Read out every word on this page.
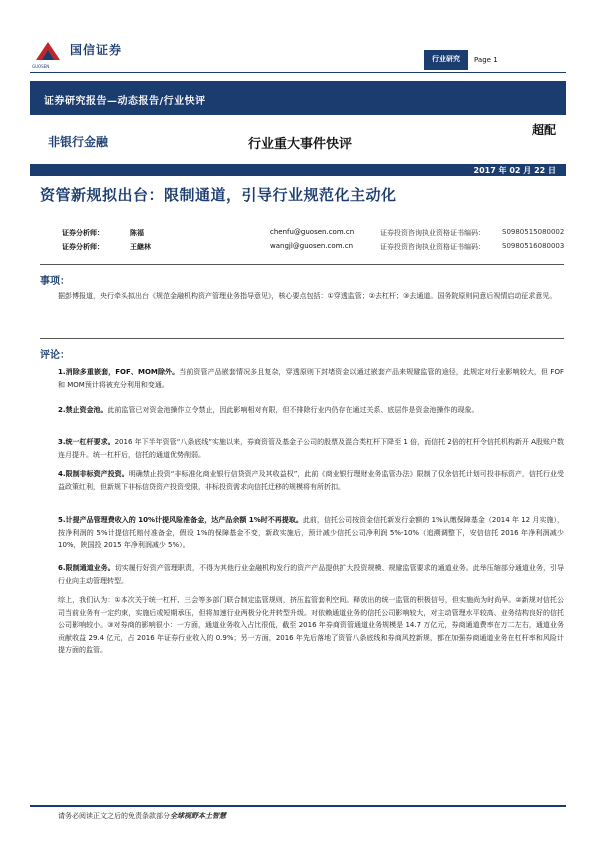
国信证券
GUOSEN
行业研究	Page 1
证券研究报告—动态报告/行业快评
非银行金融	行业重大事件快评
超配
2017 年 02 月 22 日
资管新规拟出台：限制通道，引导行业规范化主动化
证券分析师：	陈福	chenfu@guosen.com.cn	证券投资咨询执业资格证书编码： S0980515080002
证券分析师：	王継林	wangjl@guosen.com.cn	证券投资咨询执业资格证书编码： S0980516080003
事项：
据彭博报道，央行牵头拟出台《规范金融机构资产管理业务指导意见》，核心要点包括：①穿透监管；②去杠杆；③去通道。国务院原则同意后视情启动征求意见。
评论：
1.消除多重嵌套，FOF、MOM除外。当前资管产品嵌套情况多且复杂，穿透原则下封堵资金以通过嵌套产品来规避监管的途径，此规定对行业影响较大，但 FOF和 MOM预计将被充分利用和变通。
2.禁止资金池。此前监管已对资金池操作立令禁止，因此影响相对有限，但不排除行业内仍存在通过关系、底层作是资金池操作的现象。
3.统一杠杆要求。2016 年下半年资管“八条底线”实施以来，券商资管及基金子公司的股票及混合类杠杆下降至 1 倍，而信托 2倍的杠杆令信托机构新开 A股账户数连月提升。统一杠杆后，信托的通道优势削弱。
4.限制非标资产投资。明确禁止投资“非标准化商业银行信贷资产及其收益权”，此前《商业银行理财业务监管办法》限制了仅余信托计划可投非标资产，信托行业受益政策红利，但新规下非标信贷资产投资受限，非标投资需求向信托迁移的规模将有所折扣。
5.计提产品管理费收入的 10%计提风险准备金，达产品余额 1%时不再提取。此前，信托公司按资金信托新发行金额的 1%认缴保障基金（2014 年 12 月实施），按净利润的 5%计提信托赔付准备金，假设 1%的保障基金不变，新政实施后，预计减少信托公司净利润 5%-10%（追溯调整下，安信信托 2016 年净利润减少 10%，陕国投 2015 年净利润减少 5%）。
6.限制通道业务。切实履行好资产管理职责，不得为其他行业金融机构发行的资产产品提供扩大投资规模、规避监管要求的通道业务。此举压缩部分通道业务，引导行业向主动管理转型。
综上，我们认为：①本次关于统一杠杆、三会等多部门联合制定监管规则，挤压监管套利空间。释放出的统一监管的积极信号，但实施尚为时尚早。②新规对信托公司当前业务有一定约束，实施后或短期承压，但将加速行业两极分化并转型升级。对依赖通道业务的信托公司影响较大，对主动管理水平较高、业务结构良好的信托公司影响较小。③对券商的影响很小：一方面，通道业务收入占比很低，截至 2016 年券商资管通道业务规模是 14.7 万亿元，券商通道费率在万二左右，通道业务贡献收益 29.4 亿元，占 2016 年证券行业收入的 0.9%；另一方面，2016 年先后落地了资管八条底线和券商风控新规，都在加强券商通道业务在杠杆率和风险计提方面的监管。
请务必阅读正文之后的免责条款部分全球视野本土智慧
